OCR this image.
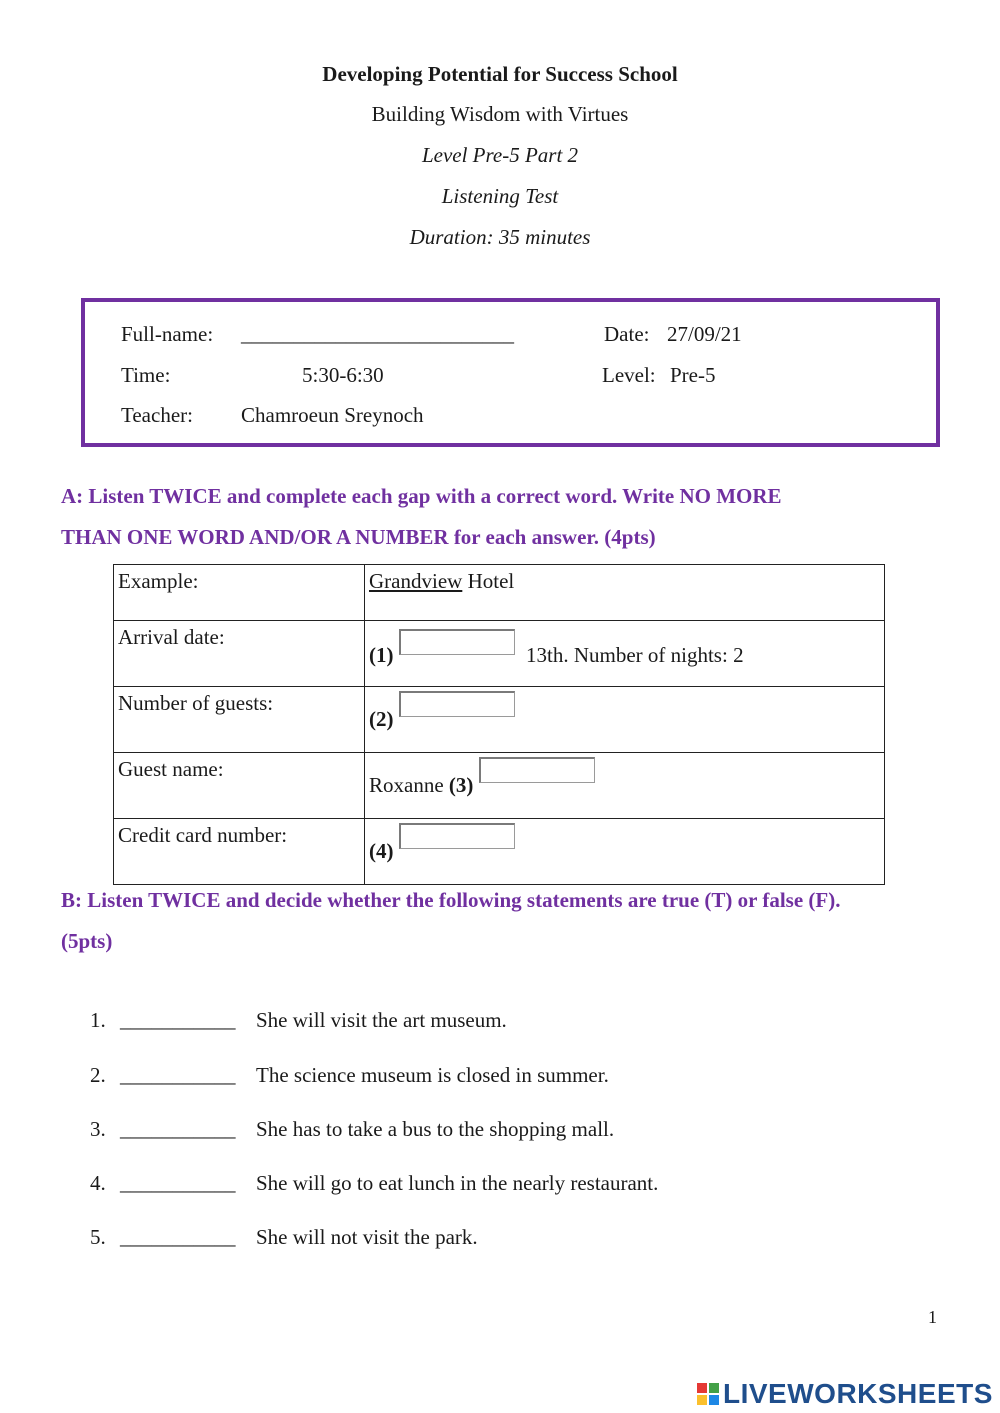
Developing Potential for Success School
Building Wisdom with Virtues
Level Pre-5 Part 2
Listening Test
Duration: 35 minutes
Full-name: __________________________	Date: 27/09/21
Time:	5:30-6:30	Level: Pre-5
Teacher: Chamroeun Sreynoch
A: Listen TWICE and complete each gap with a correct word. Write NO MORE
THAN ONE WORD AND/OR A NUMBER for each answer. (4pts)
Example:	Grandview Hotel
Arrival date:	(1) 13th. Number of nights: 2

Number of guests:	(2)

Guest name:	Roxanne (3)

Credit card number:	(4)
B: Listen TWICE and decide whether the following statements are true (T) or false (F).
(5pts)
1. ___________ She will visit the art museum.
2. ___________ The science museum is closed in summer.
3. ___________ She has to take a bus to the shopping mall.
4. ___________ She will go to eat lunch in the nearly restaurant.
5. ___________ She will not visit the park.
1
LIVEWORKSHEETS
